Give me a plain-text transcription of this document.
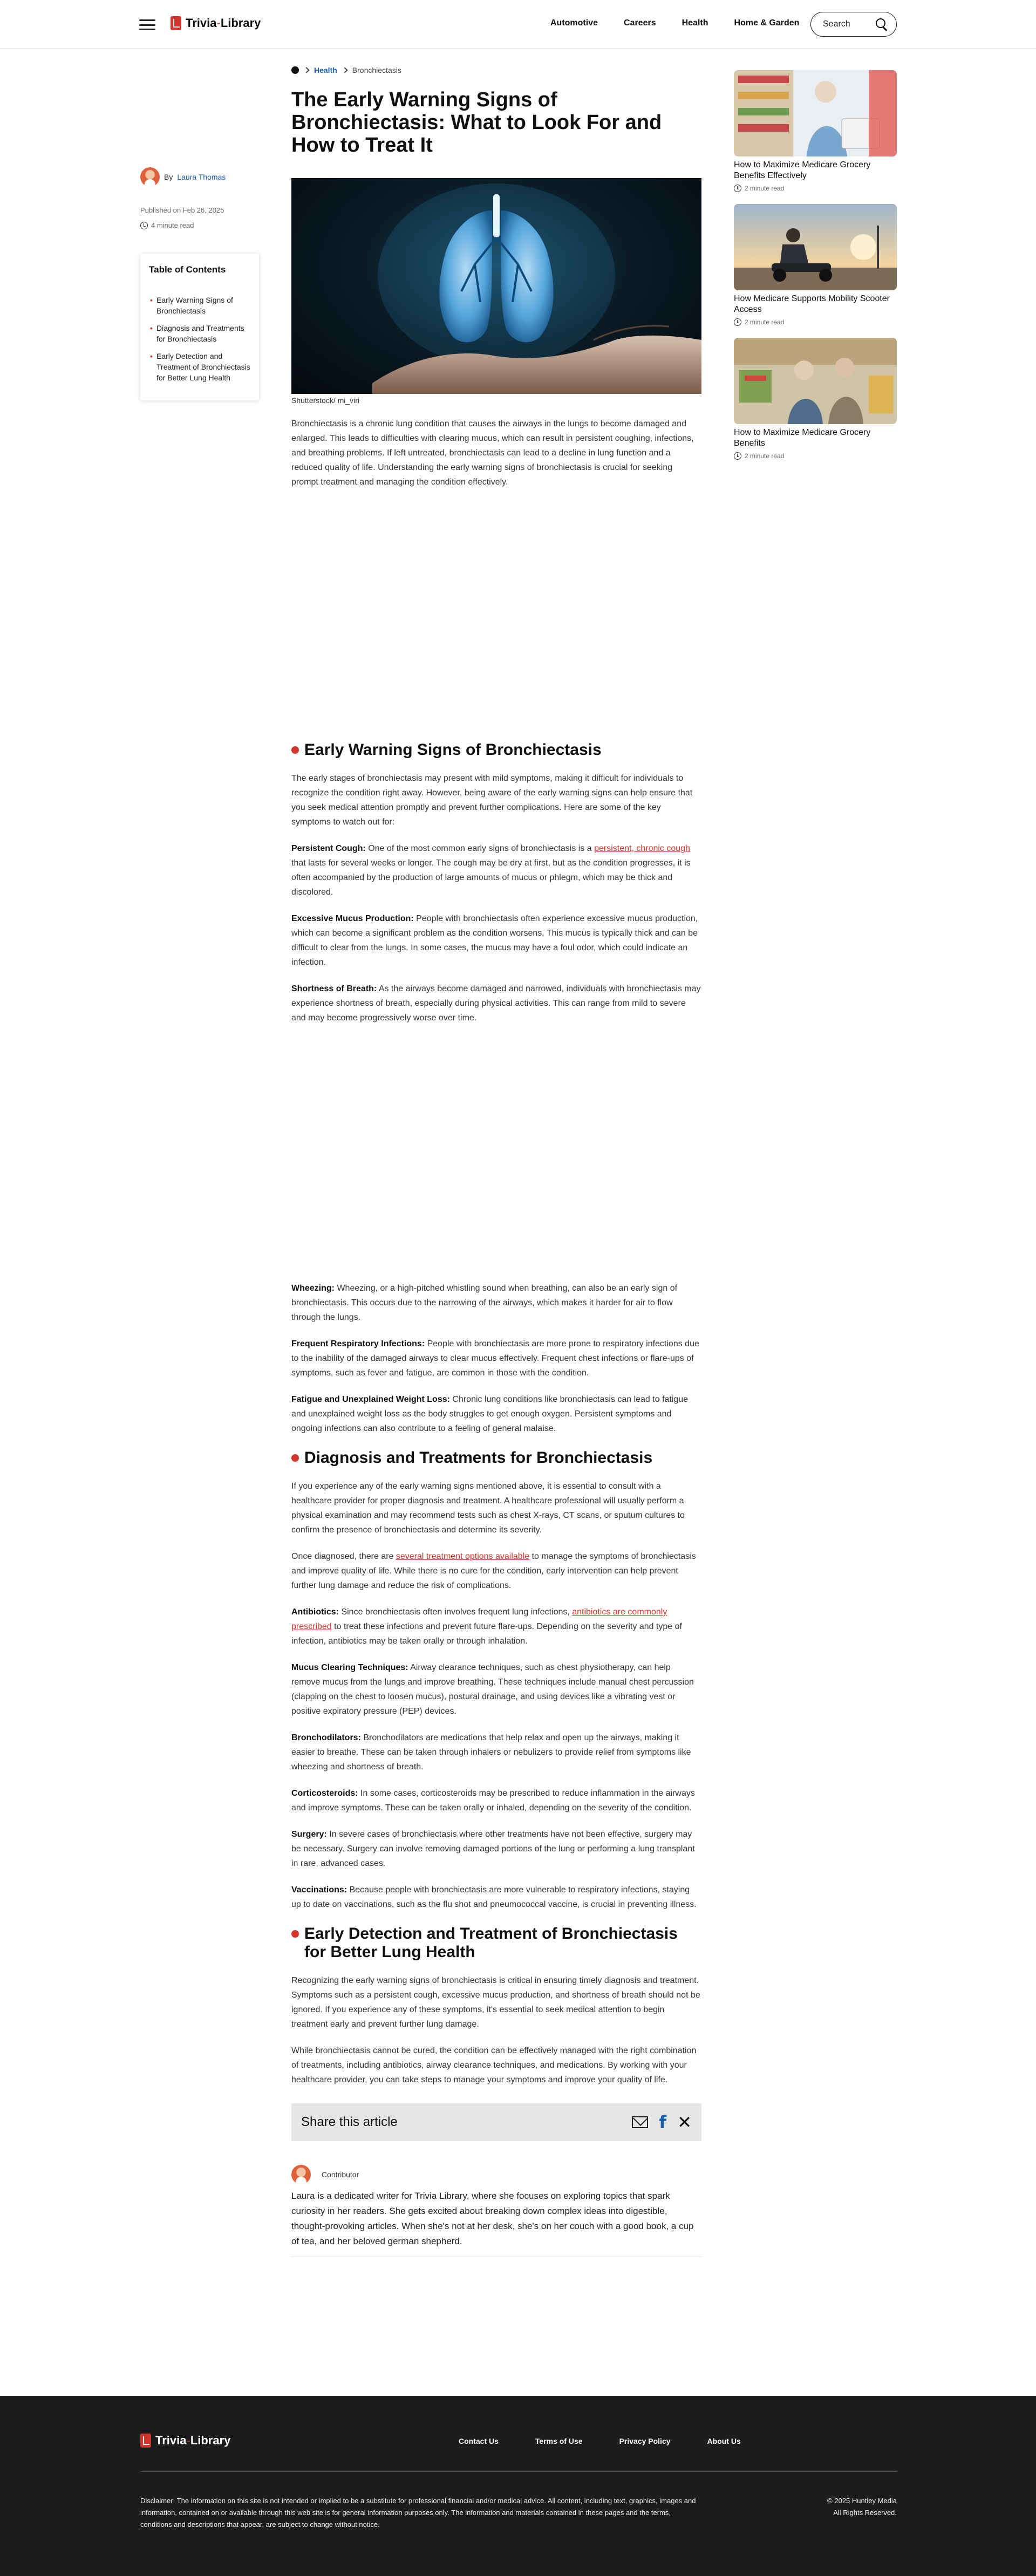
Trivia-Library	Automotive	Careers	Health	Home & Garden	Search
By Laura Thomas
Published on Feb 26, 2025
4 minute read
Table of Contents
• Early Warning Signs of Bronchiectasis
• Diagnosis and Treatments for Bronchiectasis
• Early Detection and Treatment of Bronchiectasis for Better Lung Health
Health Bronchiectasis
The Early Warning Signs of Bronchiectasis: What to Look For and How to Treat It
Shutterstock/ mi_viri

Bronchiectasis is a chronic lung condition that causes the airways in the lungs to become damaged and enlarged. This leads to difficulties with clearing mucus, which can result in persistent coughing, infections, and breathing problems. If left untreated, bronchiectasis can lead to a decline in lung function and a reduced quality of life. Understanding the early warning signs of bronchiectasis is crucial for seeking prompt treatment and managing the condition effectively.

Early Warning Signs of Bronchiectasis

The early stages of bronchiectasis may present with mild symptoms, making it difficult for individuals to recognize the condition right away. However, being aware of the early warning signs can help ensure that you seek medical attention promptly and prevent further complications. Here are some of the key symptoms to watch out for:

Persistent Cough: One of the most common early signs of bronchiectasis is a persistent, chronic cough that lasts for several weeks or longer. The cough may be dry at first, but as the condition progresses, it is often accompanied by the production of large amounts of mucus or phlegm, which may be thick and discolored.

Excessive Mucus Production: People with bronchiectasis often experience excessive mucus production, which can become a significant problem as the condition worsens. This mucus is typically thick and can be difficult to clear from the lungs. In some cases, the mucus may have a foul odor, which could indicate an infection.

Shortness of Breath: As the airways become damaged and narrowed, individuals with bronchiectasis may experience shortness of breath, especially during physical activities. This can range from mild to severe and may become progressively worse over time.

Wheezing: Wheezing, or a high-pitched whistling sound when breathing, can also be an early sign of bronchiectasis. This occurs due to the narrowing of the airways, which makes it harder for air to flow through the lungs.

Frequent Respiratory Infections: People with bronchiectasis are more prone to respiratory infections due to the inability of the damaged airways to clear mucus effectively. Frequent chest infections or flare-ups of symptoms, such as fever and fatigue, are common in those with the condition.

Fatigue and Unexplained Weight Loss: Chronic lung conditions like bronchiectasis can lead to fatigue and unexplained weight loss as the body struggles to get enough oxygen. Persistent symptoms and ongoing infections can also contribute to a feeling of general malaise.

Diagnosis and Treatments for Bronchiectasis

If you experience any of the early warning signs mentioned above, it is essential to consult with a healthcare provider for proper diagnosis and treatment. A healthcare professional will usually perform a physical examination and may recommend tests such as chest X-rays, CT scans, or sputum cultures to confirm the presence of bronchiectasis and determine its severity.

Once diagnosed, there are several treatment options available to manage the symptoms of bronchiectasis and improve quality of life. While there is no cure for the condition, early intervention can help prevent further lung damage and reduce the risk of complications.

Antibiotics: Since bronchiectasis often involves frequent lung infections, antibiotics are commonly prescribed to treat these infections and prevent future flare-ups. Depending on the severity and type of infection, antibiotics may be taken orally or through inhalation.

Mucus Clearing Techniques: Airway clearance techniques, such as chest physiotherapy, can help remove mucus from the lungs and improve breathing. These techniques include manual chest percussion (clapping on the chest to loosen mucus), postural drainage, and using devices like a vibrating vest or positive expiratory pressure (PEP) devices.

Bronchodilators: Bronchodilators are medications that help relax and open up the airways, making it easier to breathe. These can be taken through inhalers or nebulizers to provide relief from symptoms like wheezing and shortness of breath.

Corticosteroids: In some cases, corticosteroids may be prescribed to reduce inflammation in the airways and improve symptoms. These can be taken orally or inhaled, depending on the severity of the condition.

Surgery: In severe cases of bronchiectasis where other treatments have not been effective, surgery may be necessary. Surgery can involve removing damaged portions of the lung or performing a lung transplant in rare, advanced cases.

Vaccinations: Because people with bronchiectasis are more vulnerable to respiratory infections, staying up to date on vaccinations, such as the flu shot and pneumococcal vaccine, is crucial in preventing illness.

Early Detection and Treatment of Bronchiectasis for Better Lung Health

Recognizing the early warning signs of bronchiectasis is critical in ensuring timely diagnosis and treatment. Symptoms such as a persistent cough, excessive mucus production, and shortness of breath should not be ignored. If you experience any of these symptoms, it's essential to seek medical attention to begin treatment early and prevent further lung damage.

While bronchiectasis cannot be cured, the condition can be effectively managed with the right combination of treatments, including antibiotics, airway clearance techniques, and medications. By working with your healthcare provider, you can take steps to manage your symptoms and improve your quality of life.

Share this article	f ✕
Contributor

Laura is a dedicated writer for Trivia Library, where she focuses on exploring topics that spark curiosity in her readers. She gets excited about breaking down complex ideas into digestible, thought-provoking articles. When she's not at her desk, she's on her couch with a good book, a cup of tea, and her beloved german shepherd.

How to Maximize Medicare Grocery Benefits Effectively
2 minute read
How Medicare Supports Mobility Scooter Access
2 minute read
How to Maximize Medicare Grocery Benefits
2 minute read
Trivia-Library	Contact Us	Terms of Use	Privacy Policy	About Us

Disclaimer: The information on this site is not intended or implied to be a substitute for professional financial and/or medical advice. All content, including text, graphics, images and information, contained on or available through this web site is for general information purposes only. The information and materials contained in these pages and the terms, conditions and descriptions that appear, are subject to change without notice.

© 2025 Huntley Media
All Rights Reserved.
